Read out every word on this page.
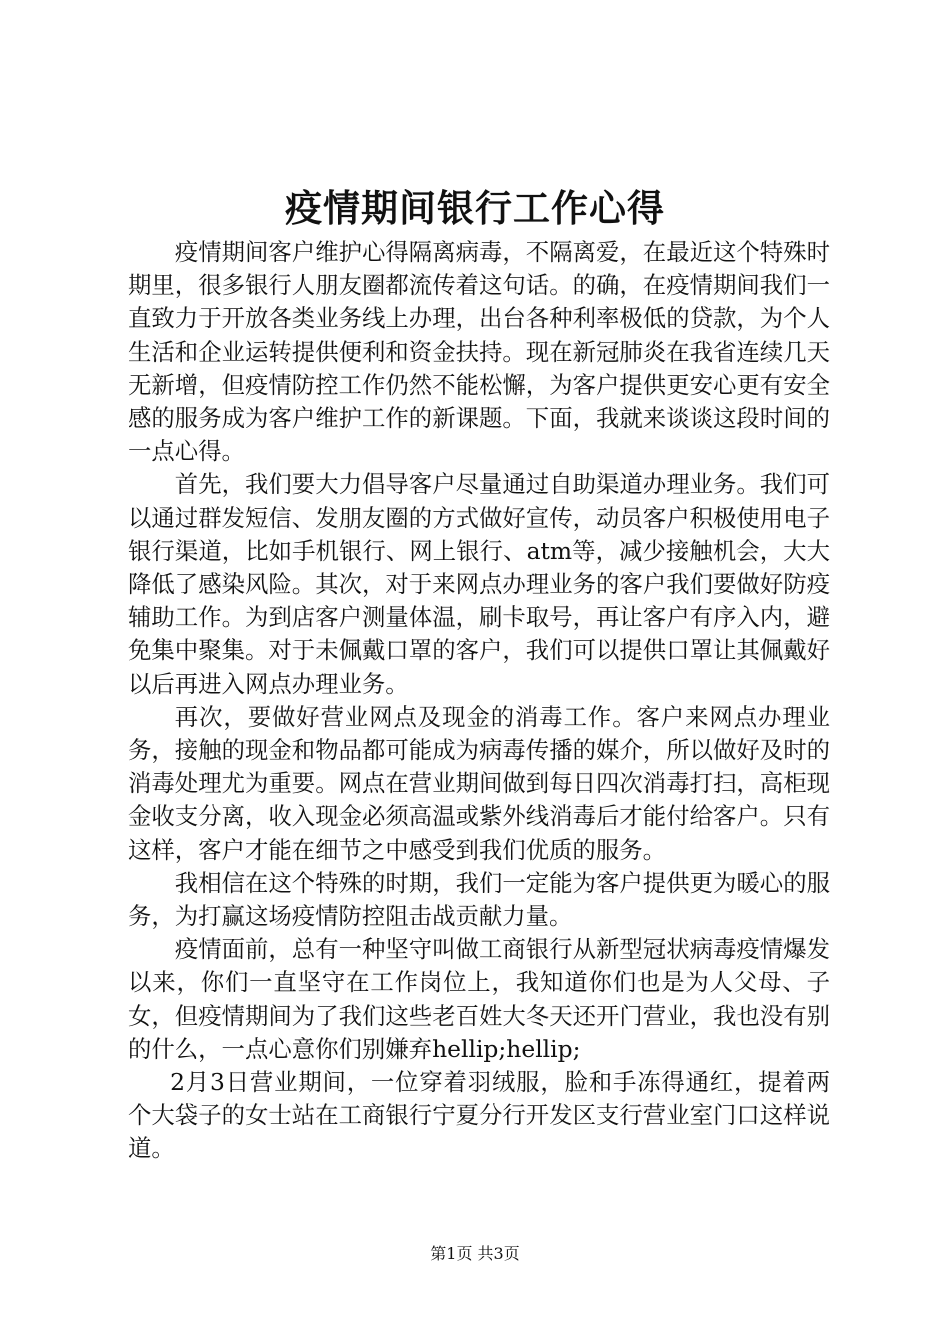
疫情期间银行工作心得

疫情期间客户维护心得隔离病毒，不隔离爱，在最近这个特殊时期里，很多银行人朋友圈都流传着这句话。的确，在疫情期间我们一直致力于开放各类业务线上办理，出台各种利率极低的贷款，为个人生活和企业运转提供便利和资金扶持。现在新冠肺炎在我省连续几天无新增，但疫情防控工作仍然不能松懈，为客户提供更安心更有安全感的服务成为客户维护工作的新课题。下面，我就来谈谈这段时间的一点心得。

首先，我们要大力倡导客户尽量通过自助渠道办理业务。我们可以通过群发短信、发朋友圈的方式做好宣传，动员客户积极使用电子银行渠道，比如手机银行、网上银行、atm等，减少接触机会，大大降低了感染风险。其次，对于来网点办理业务的客户我们要做好防疫辅助工作。为到店客户测量体温，刷卡取号，再让客户有序入内，避免集中聚集。对于未佩戴口罩的客户，我们可以提供口罩让其佩戴好以后再进入网点办理业务。

再次，要做好营业网点及现金的消毒工作。客户来网点办理业务，接触的现金和物品都可能成为病毒传播的媒介，所以做好及时的消毒处理尤为重要。网点在营业期间做到每日四次消毒打扫，高柜现金收支分离，收入现金必须高温或紫外线消毒后才能付给客户。只有这样，客户才能在细节之中感受到我们优质的服务。

我相信在这个特殊的时期，我们一定能为客户提供更为暖心的服务，为打赢这场疫情防控阻击战贡献力量。

疫情面前，总有一种坚守叫做工商银行从新型冠状病毒疫情爆发以来，你们一直坚守在工作岗位上，我知道你们也是为人父母、子女，但疫情期间为了我们这些老百姓大冬天还开门营业，我也没有别的什么，一点心意你们别嫌弃hellip;hellip;

2月3日营业期间，一位穿着羽绒服，脸和手冻得通红，提着两个大袋子的女士站在工商银行宁夏分行开发区支行营业室门口这样说道。

第1页 共3页
